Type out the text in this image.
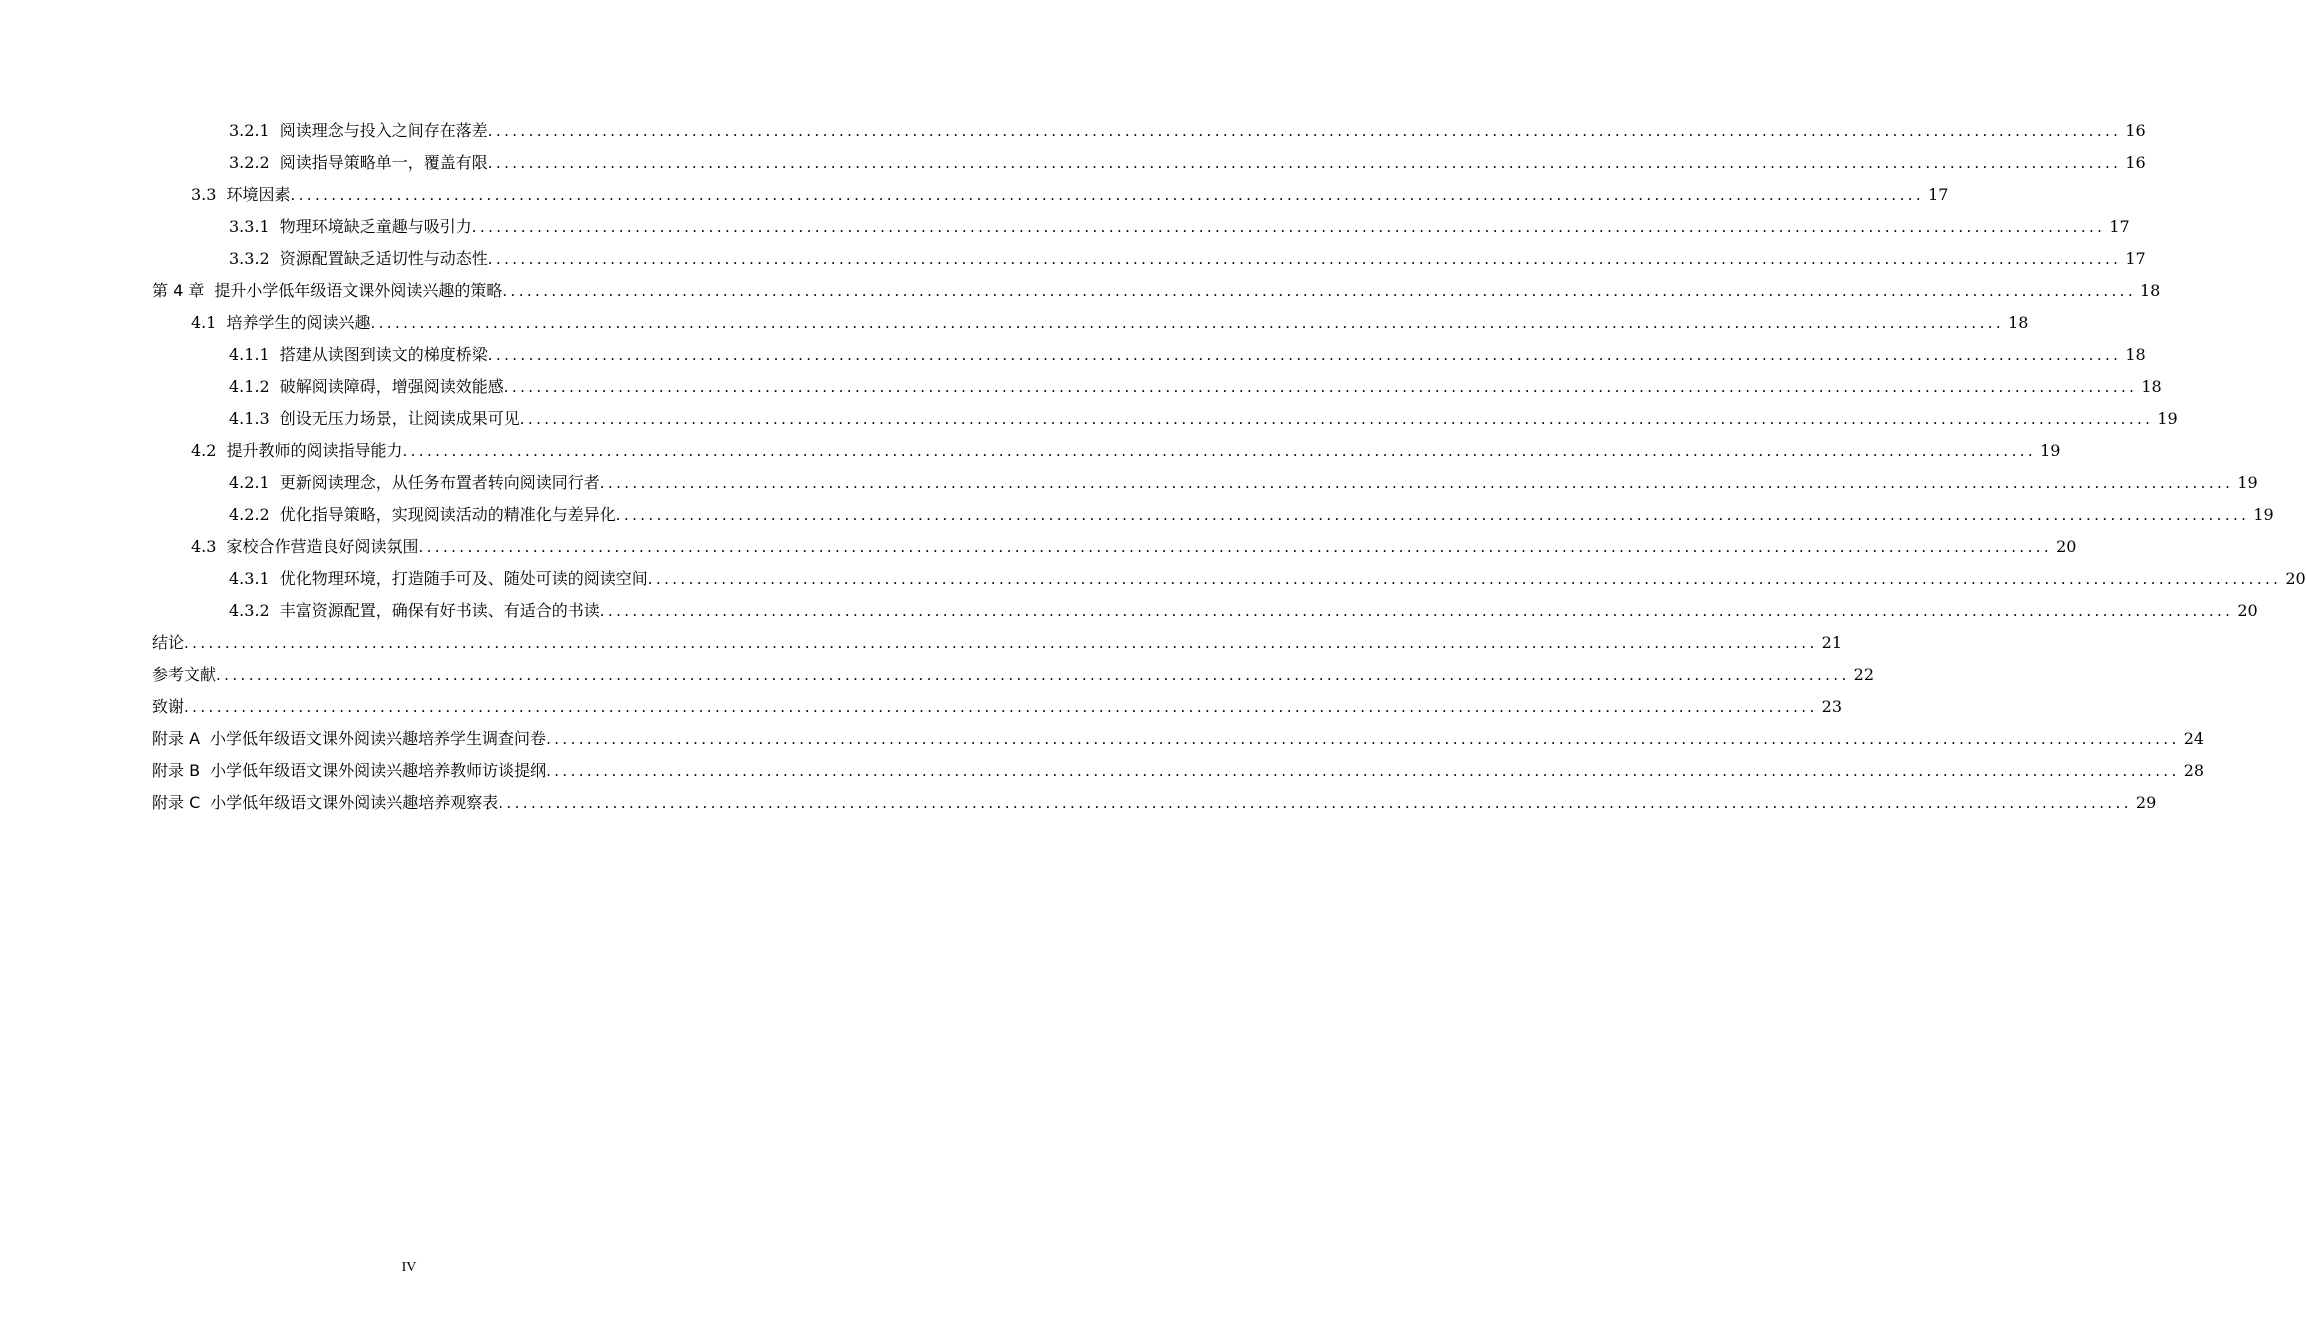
3.2.1 阅读理念与投入之间存在落差 ........................................................................................................................................................................................................ 16
3.2.2 阅读指导策略单一，覆盖有限 ........................................................................................................................................................................................................ 16
3.3 环境因素 ........................................................................................................................................................................................................ 17
3.3.1 物理环境缺乏童趣与吸引力 ........................................................................................................................................................................................................ 17
3.3.2 资源配置缺乏适切性与动态性 ........................................................................................................................................................................................................ 17
第 4 章 提升小学低年级语文课外阅读兴趣的策略 ........................................................................................................................................................................................................ 18
4.1 培养学生的阅读兴趣 ........................................................................................................................................................................................................ 18
4.1.1 搭建从读图到读文的梯度桥梁 ........................................................................................................................................................................................................ 18
4.1.2 破解阅读障碍，增强阅读效能感 ........................................................................................................................................................................................................ 18
4.1.3 创设无压力场景，让阅读成果可见 ........................................................................................................................................................................................................ 19
4.2 提升教师的阅读指导能力 ........................................................................................................................................................................................................ 19
4.2.1 更新阅读理念，从任务布置者转向阅读同行者 ........................................................................................................................................................................................................ 19
4.2.2 优化指导策略，实现阅读活动的精准化与差异化 ........................................................................................................................................................................................................ 19
4.3 家校合作营造良好阅读氛围 ........................................................................................................................................................................................................ 20
4.3.1 优化物理环境，打造随手可及、随处可读的阅读空间 ........................................................................................................................................................................................................ 20
4.3.2 丰富资源配置，确保有好书读、有适合的书读 ........................................................................................................................................................................................................ 20
结论 ........................................................................................................................................................................................................ 21
参考文献 ........................................................................................................................................................................................................ 22
致谢 ........................................................................................................................................................................................................ 23
附录 A 小学低年级语文课外阅读兴趣培养学生调查问卷 ........................................................................................................................................................................................................ 24
附录 B 小学低年级语文课外阅读兴趣培养教师访谈提纲 ........................................................................................................................................................................................................ 28
附录 C 小学低年级语文课外阅读兴趣培养观察表 ........................................................................................................................................................................................................ 29
IV
